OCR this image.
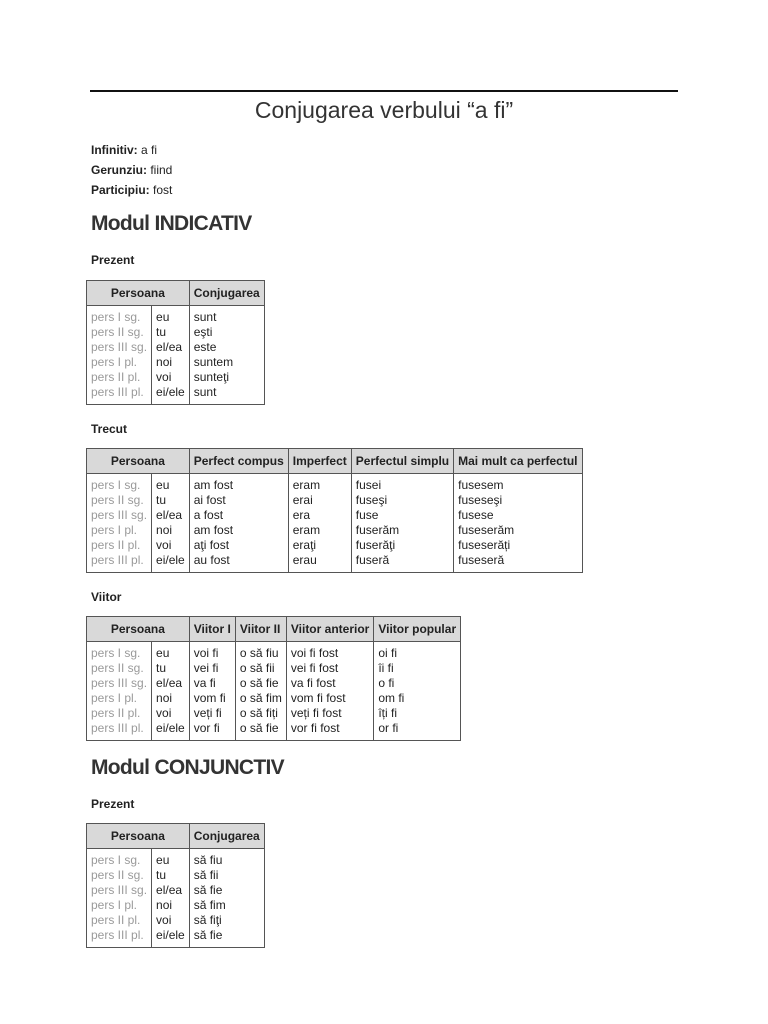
Conjugarea verbului “a fi”
Infinitiv: a fi
Gerunziu: fiind
Participiu: fost
Modul INDICATIV
Prezent
Persoana		Conjugarea
pers I sg.	eu	sunt
pers II sg.	tu	eşti
pers III sg.	el/ea	este
pers I pl.	noi	suntem
pers II pl.	voi	sunteţi
pers III pl.	ei/ele	sunt
Trecut
Persoana		Perfect compus	Imperfect	Perfectul simplu	Mai mult ca perfectul
pers I sg.	eu	am fost	eram	fusei	fusesem
pers II sg.	tu	ai fost	erai	fuseşi	fuseseşi
pers III sg.	el/ea	a fost	era	fuse	fusese
pers I pl.	noi	am fost	eram	fuserăm	fuseserăm
pers II pl.	voi	aţi fost	eraţi	fuserăţi	fuseserăți
pers III pl.	ei/ele	au fost	erau	fuseră	fuseseră
Viitor
Persoana		Viitor I	Viitor II	Viitor anterior	Viitor popular
pers I sg.	eu	voi fi	o să fiu	voi fi fost	oi fi
pers II sg.	tu	vei fi	o să fii	vei fi fost	îi fi
pers III sg.	el/ea	va fi	o să fie	va fi fost	o fi
pers I pl.	noi	vom fi	o să fim	vom fi fost	om fi
pers II pl.	voi	veți fi	o să fiți	veți fi fost	îți fi
pers III pl.	ei/ele	vor fi	o să fie	vor fi fost	or fi
Modul CONJUNCTIV
Prezent
Persoana		Conjugarea
pers I sg.	eu	să fiu
pers II sg.	tu	să fii
pers III sg.	el/ea	să fie
pers I pl.	noi	să fim
pers II pl.	voi	să fiţi
pers III pl.	ei/ele	să fie
